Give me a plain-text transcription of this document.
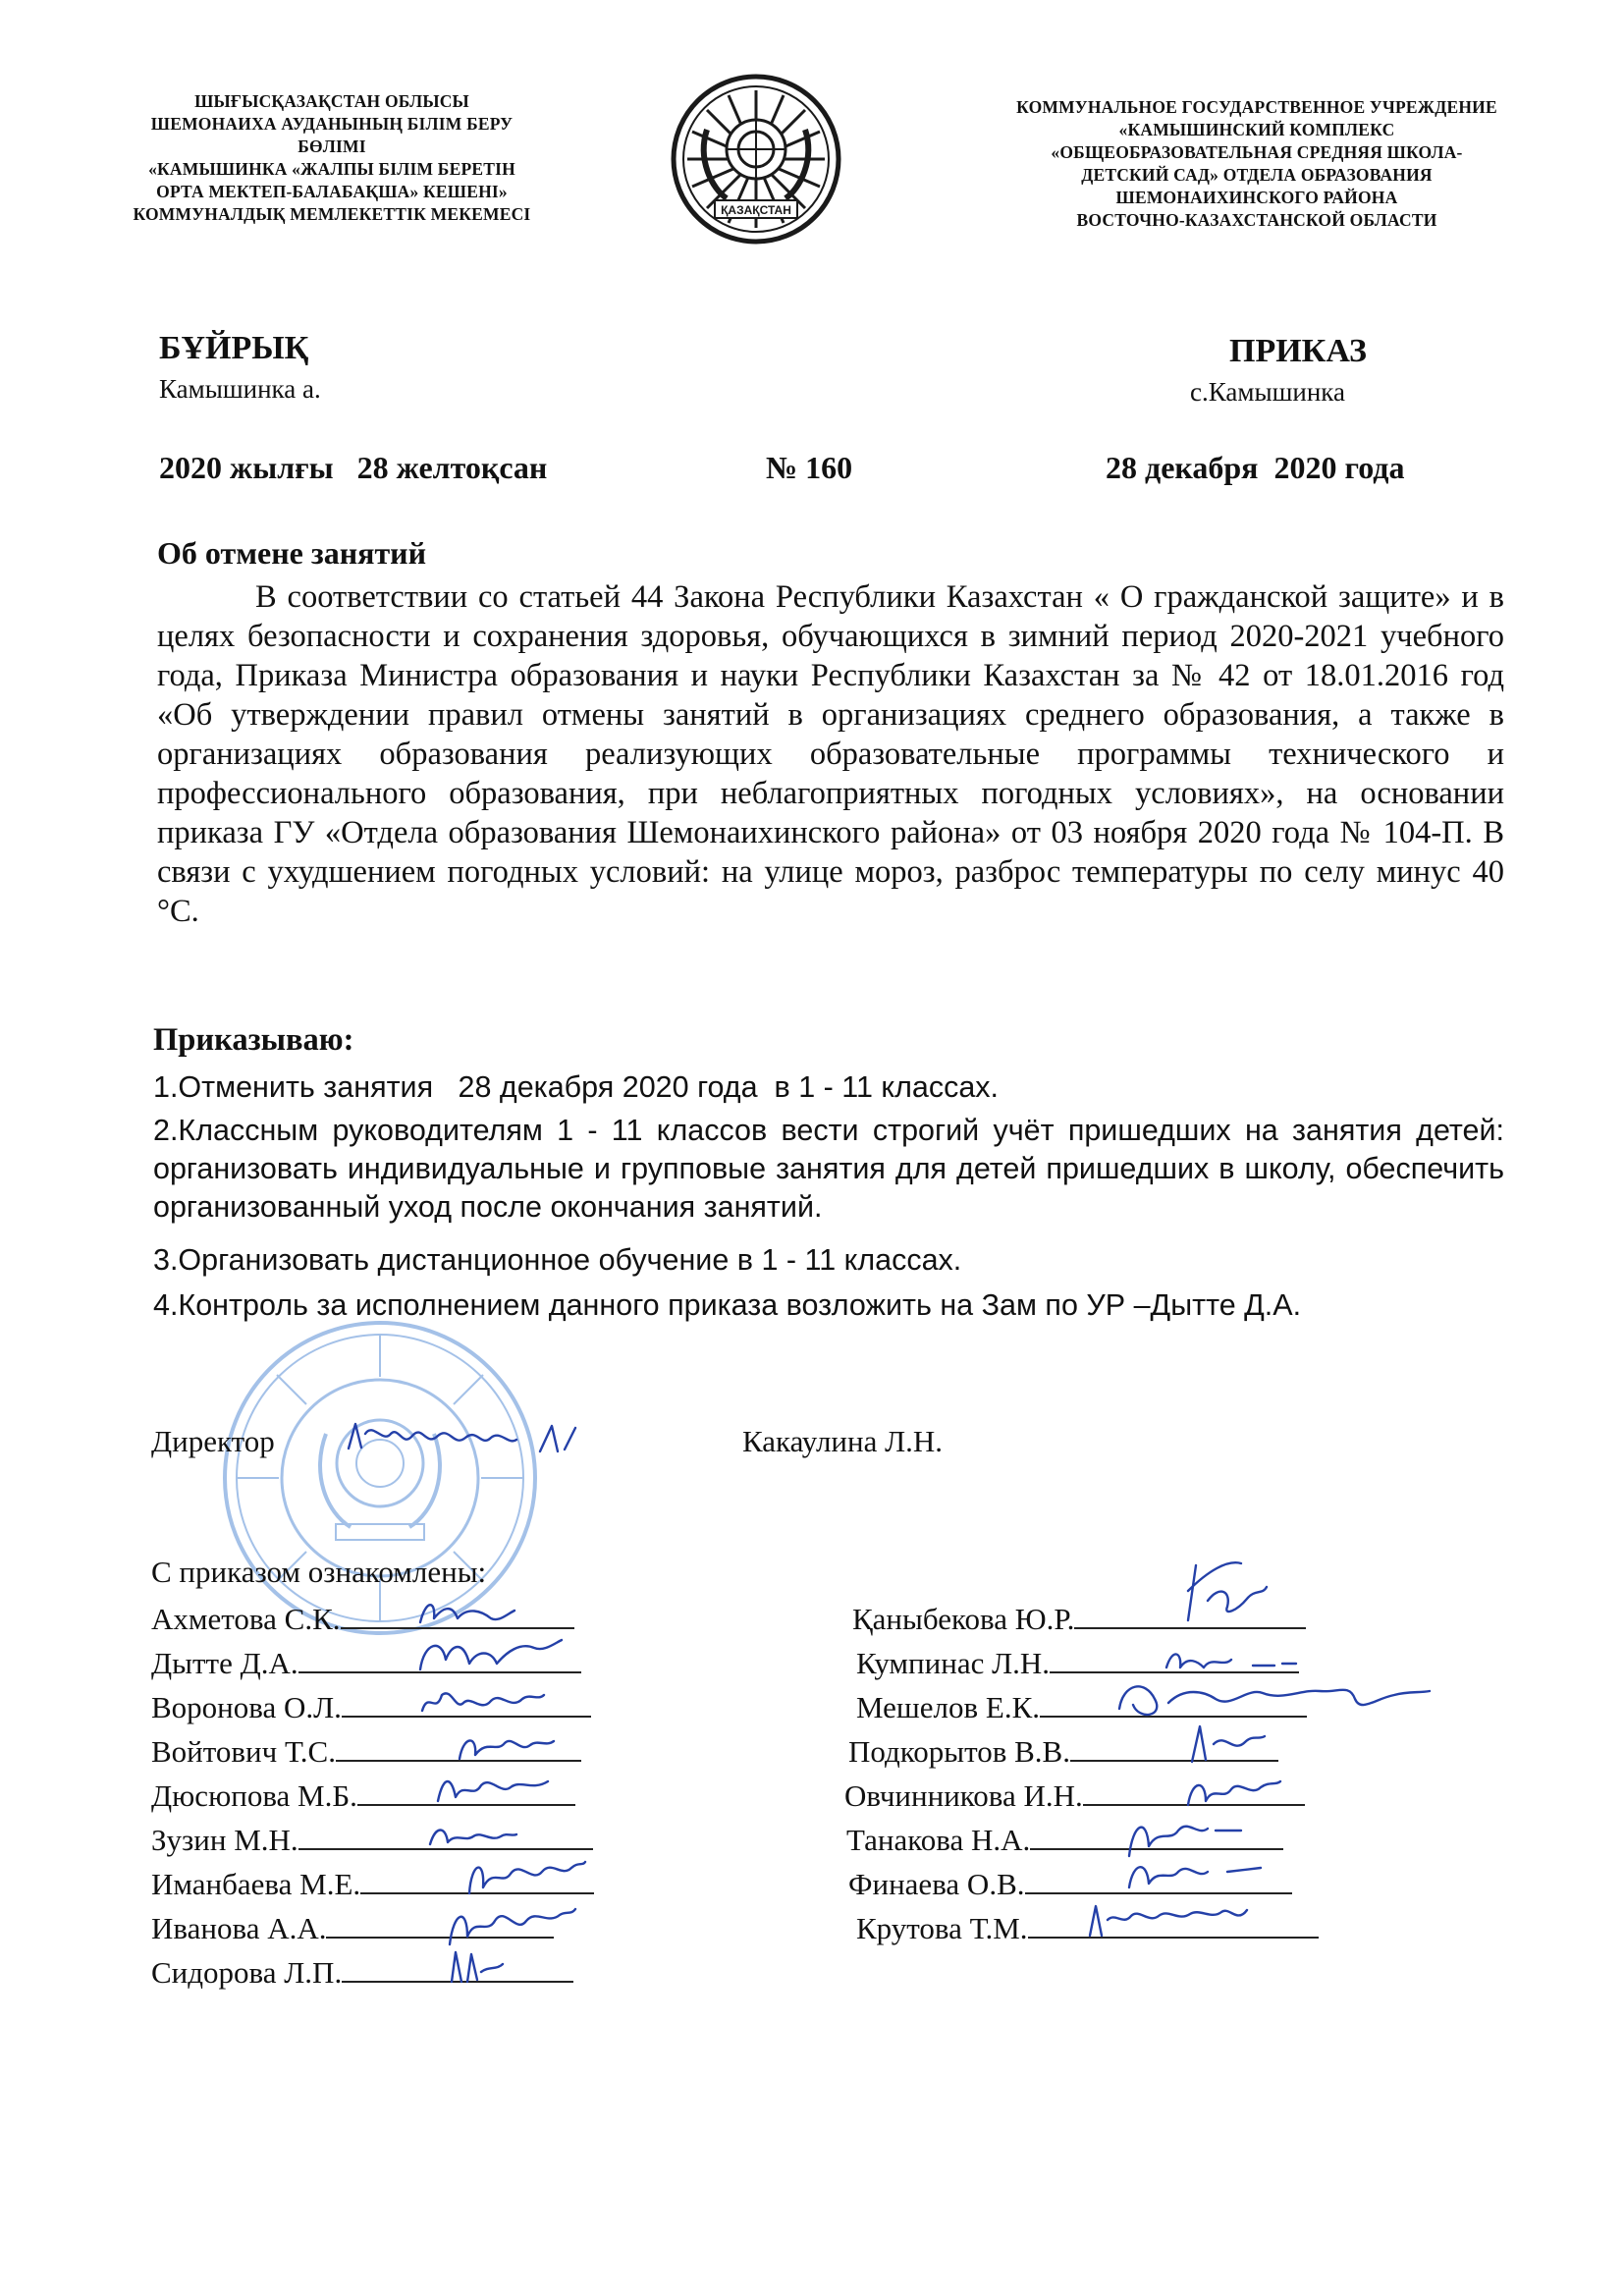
ШЫҒЫСҚАЗАҚСТАН ОБЛЫСЫ
ШЕМОНАИХА АУДАНЫНЫҢ БІЛІМ БЕРУ
БӨЛІМІ
«КАМЫШИНКА «ЖАЛПЫ БІЛІМ БЕРЕТІН
ОРТА МЕКТЕП-БАЛАБАҚША» КЕШЕНІ»
КОММУНАЛДЫҚ МЕМЛЕКЕТТІК МЕКЕМЕСІ	ҚАЗАҚСТАН
КОММУНАЛЬНОЕ ГОСУДАРСТВЕННОЕ УЧРЕЖДЕНИЕ
«КАМЫШИНСКИЙ КОМПЛЕКС
«ОБЩЕОБРАЗОВАТЕЛЬНАЯ СРЕДНЯЯ ШКОЛА-
ДЕТСКИЙ САД» ОТДЕЛА ОБРАЗОВАНИЯ
ШЕМОНАИХИНСКОГО РАЙОНА
ВОСТОЧНО-КАЗАХСТАНСКОЙ ОБЛАСТИ
БҰЙРЫҚ
Камышинка а.
ПРИКАЗ
с.Камышинка
2020 жылғы   28 желтоқсан	№ 160	28 декабря  2020 года
Об отмене занятий

В соответствии со статьей 44 Закона Республики Казахстан « О гражданской защите» и в целях безопасности и сохранения здоровья, обучающихся в зимний период 2020-2021 учебного года, Приказа Министра образования и науки Республики Казахстан за № 42 от 18.01.2016 год «Об утверждении правил отмены занятий в организациях среднего образования, а также в организациях образования реализующих образовательные программы технического и профессионального образования, при неблагоприятных погодных условиях», на основании приказа ГУ «Отдела образования Шемонаихинского района» от 03 ноября 2020 года № 104-П. В связи с ухудшением погодных условий: на улице мороз, разброс температуры по селу минус 40 °С.

Приказываю:
1.Отменить занятия   28 декабря 2020 года  в 1 - 11 классах.
2.Классным руководителям 1 - 11 классов вести строгий учёт пришедших на занятия детей: организовать индивидуальные и групповые занятия для детей пришедших в школу, обеспечить организованный уход после окончания занятий.
3.Организовать дистанционное обучение в 1 - 11 классах.
4.Контроль за исполнением данного приказа возложить на Зам по УР –Дытте Д.А.
Директор	Какаулина Л.Н.
С приказом ознакомлены:
Ахметова С.К.
Дытте Д.А.
Воронова О.Л.
Войтович Т.С.
Дюсюпова М.Б.
Зузин М.Н.
Иманбаева М.Е.
Иванова А.А.
Сидорова Л.П.
Қаныбекова Ю.Р.
Кумпинас Л.Н.
Мешелов Е.К.
Подкорытов В.В.
Овчинникова И.Н.
Танакова Н.А.
Финаева О.В.
Крутова Т.М.
